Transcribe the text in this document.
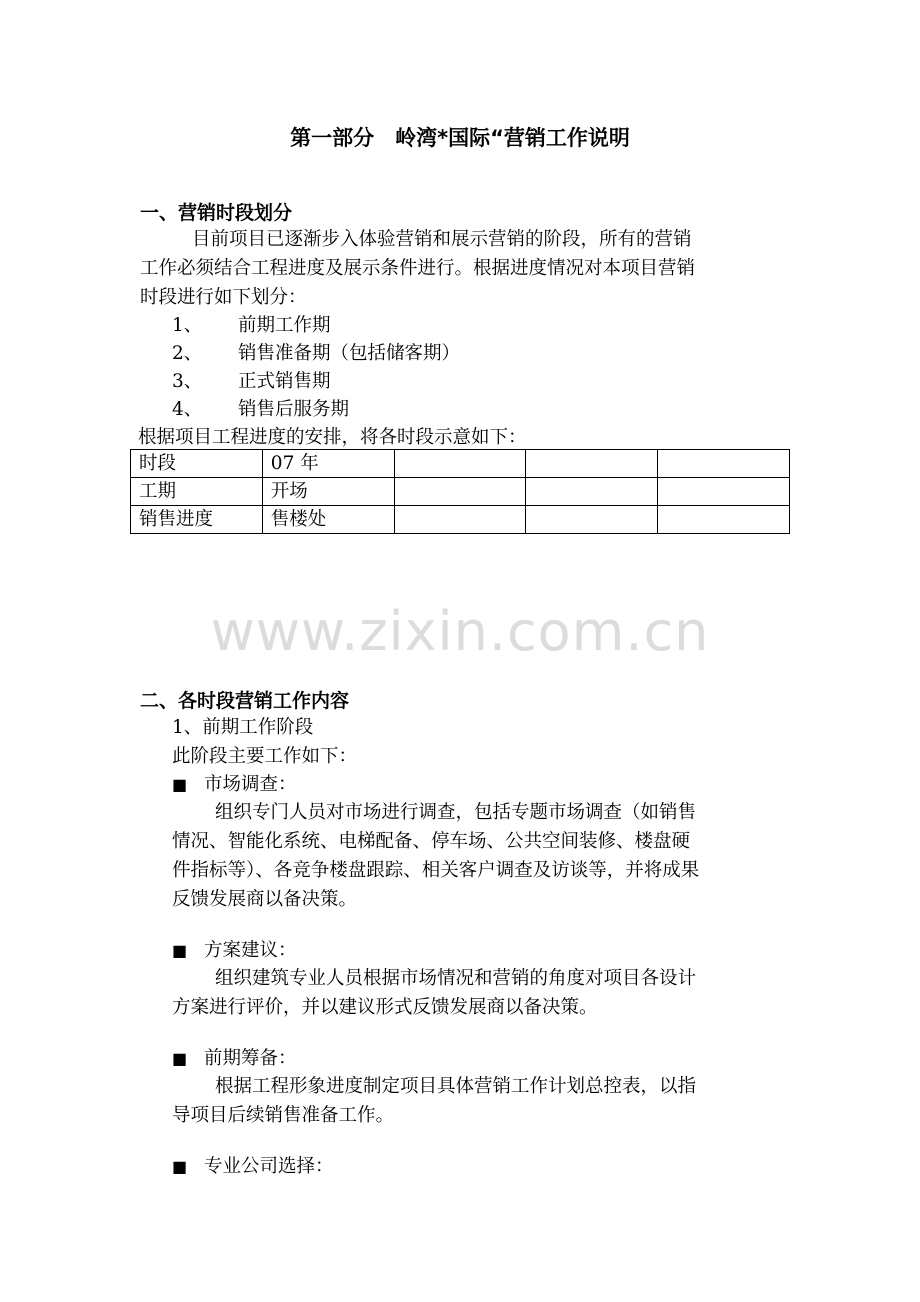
第一部分　岭湾*国际“营销工作说明
一、营销时段划分
目前项目已逐渐步入体验营销和展示营销的阶段，所有的营销
工作必须结合工程进度及展示条件进行。根据进度情况对本项目营销
时段进行如下划分：
1、 前期工作期
2、 销售准备期（包括储客期）
3、 正式销售期
4、 销售后服务期
根据项目工程进度的安排，将各时段示意如下：
时段	07 年			
工期	开场			
销售进度	售楼处			
www.zixin.com.cn
二、各时段营销工作内容
1、前期工作阶段
此阶段主要工作如下：
■ 市场调查：
组织专门人员对市场进行调查，包括专题市场调查（如销售
情况、智能化系统、电梯配备、停车场、公共空间装修、楼盘硬
件指标等）、各竞争楼盘跟踪、相关客户调查及访谈等，并将成果
反馈发展商以备决策。
■ 方案建议：
组织建筑专业人员根据市场情况和营销的角度对项目各设计
方案进行评价，并以建议形式反馈发展商以备决策。
■ 前期筹备：
根据工程形象进度制定项目具体营销工作计划总控表，以指
导项目后续销售准备工作。
■ 专业公司选择：
